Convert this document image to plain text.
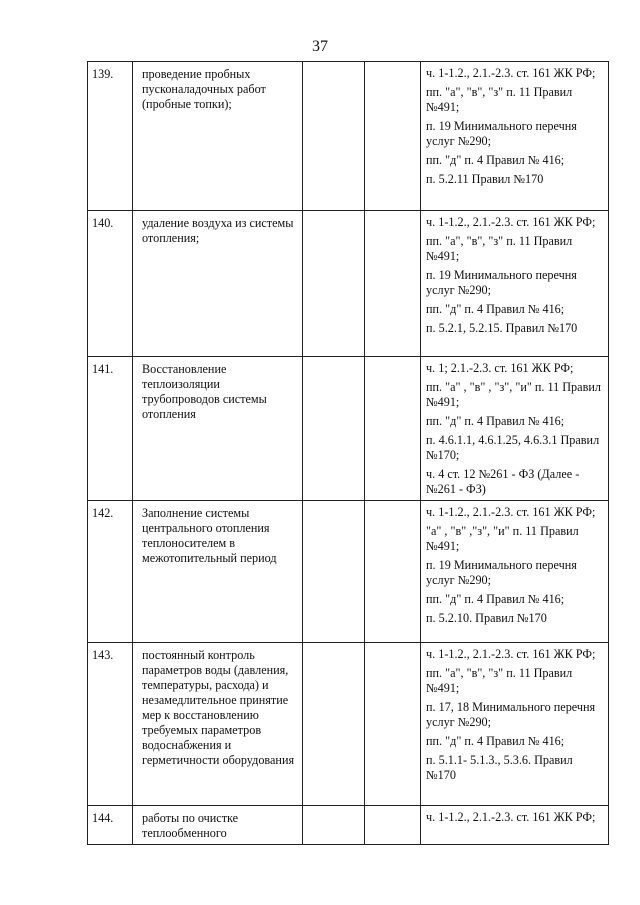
37
139.	проведение пробных пусконаладочных работ (пробные топки);			ч. 1-1.2., 2.1.-2.3. ст. 161 ЖК РФ;
пп. "а", "в", "з" п. 11 Правил №491;
п. 19 Минимального перечня услуг №290;
пп. "д" п. 4 Правил № 416;
п. 5.2.11 Правил №170

140.	удаление воздуха из системы отопления;			ч. 1-1.2., 2.1.-2.3. ст. 161 ЖК РФ;
пп. "а", "в", "з" п. 11 Правил №491;
п. 19 Минимального перечня услуг №290;
пп. "д" п. 4 Правил № 416;
п. 5.2.1, 5.2.15. Правил №170

141.	Восстановление теплоизоляции трубопроводов системы отопления			ч. 1; 2.1.-2.3. ст. 161 ЖК РФ;
пп. "а" , "в" , "з", "и" п. 11 Правил №491;
пп. "д" п. 4 Правил № 416;
п. 4.6.1.1, 4.6.1.25, 4.6.3.1 Правил №170;
ч. 4 ст. 12 №261 - ФЗ (Далее - №261 - ФЗ)

142.	Заполнение системы центрального отопления теплоносителем в межотопительный период			ч. 1-1.2., 2.1.-2.3. ст. 161 ЖК РФ;
"а" , "в" ,"з", "и" п. 11 Правил №491;
п. 19 Минимального перечня услуг №290;
пп. "д" п. 4 Правил № 416;
п. 5.2.10. Правил №170

143.	постоянный контроль параметров воды (давления, температуры, расхода) и незамедлительное принятие мер к восстановлению требуемых параметров водоснабжения и герметичности оборудования			ч. 1-1.2., 2.1.-2.3. ст. 161 ЖК РФ;
пп. "а", "в", "з" п. 11 Правил №491;
п. 17, 18 Минимального перечня услуг №290;
пп. "д" п. 4 Правил № 416;
п. 5.1.1- 5.1.3., 5.3.6. Правил №170

144.	работы по очистке теплообменного			ч. 1-1.2., 2.1.-2.3. ст. 161 ЖК РФ;
